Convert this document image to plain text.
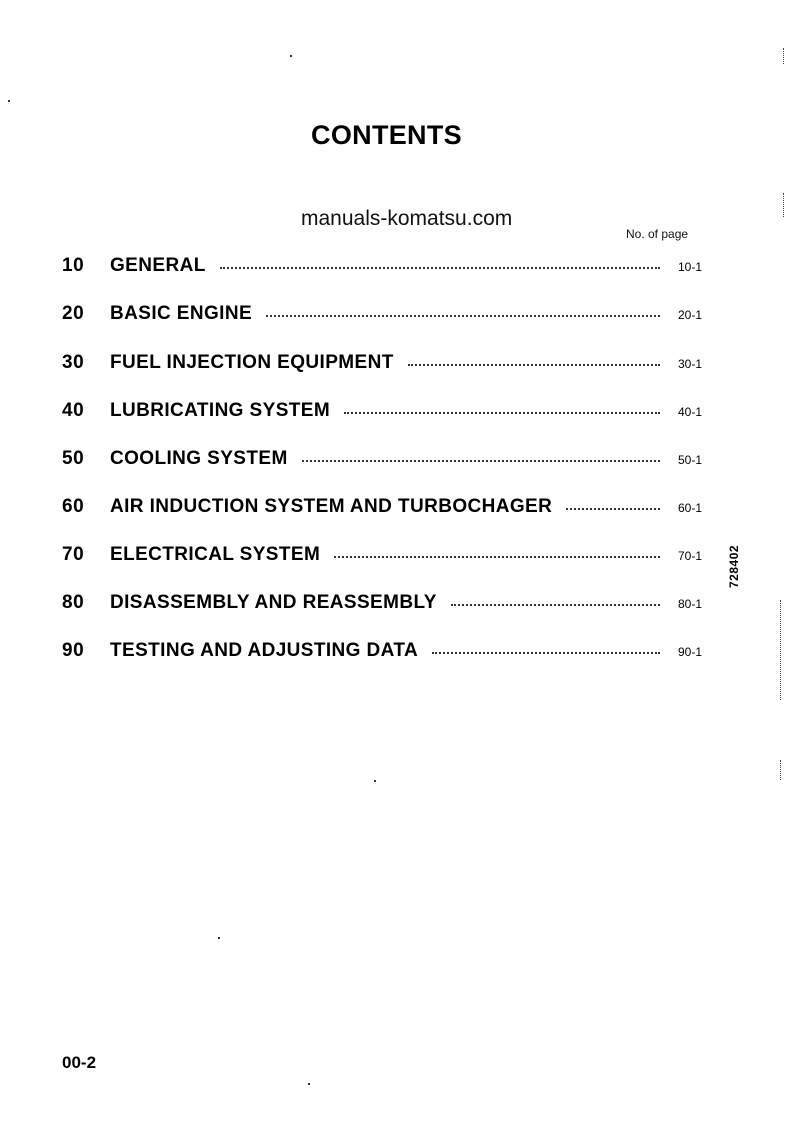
CONTENTS
manuals-komatsu.com
No. of page
10	GENERAL	10-1
20	BASIC ENGINE	20-1
30	FUEL INJECTION EQUIPMENT	30-1
40	LUBRICATING SYSTEM	40-1
50	COOLING SYSTEM	50-1
60	AIR INDUCTION SYSTEM AND TURBOCHAGER	60-1
70	ELECTRICAL SYSTEM	70-1
80	DISASSEMBLY AND REASSEMBLY	80-1
90	TESTING AND ADJUSTING DATA	90-1
728402
00-2
